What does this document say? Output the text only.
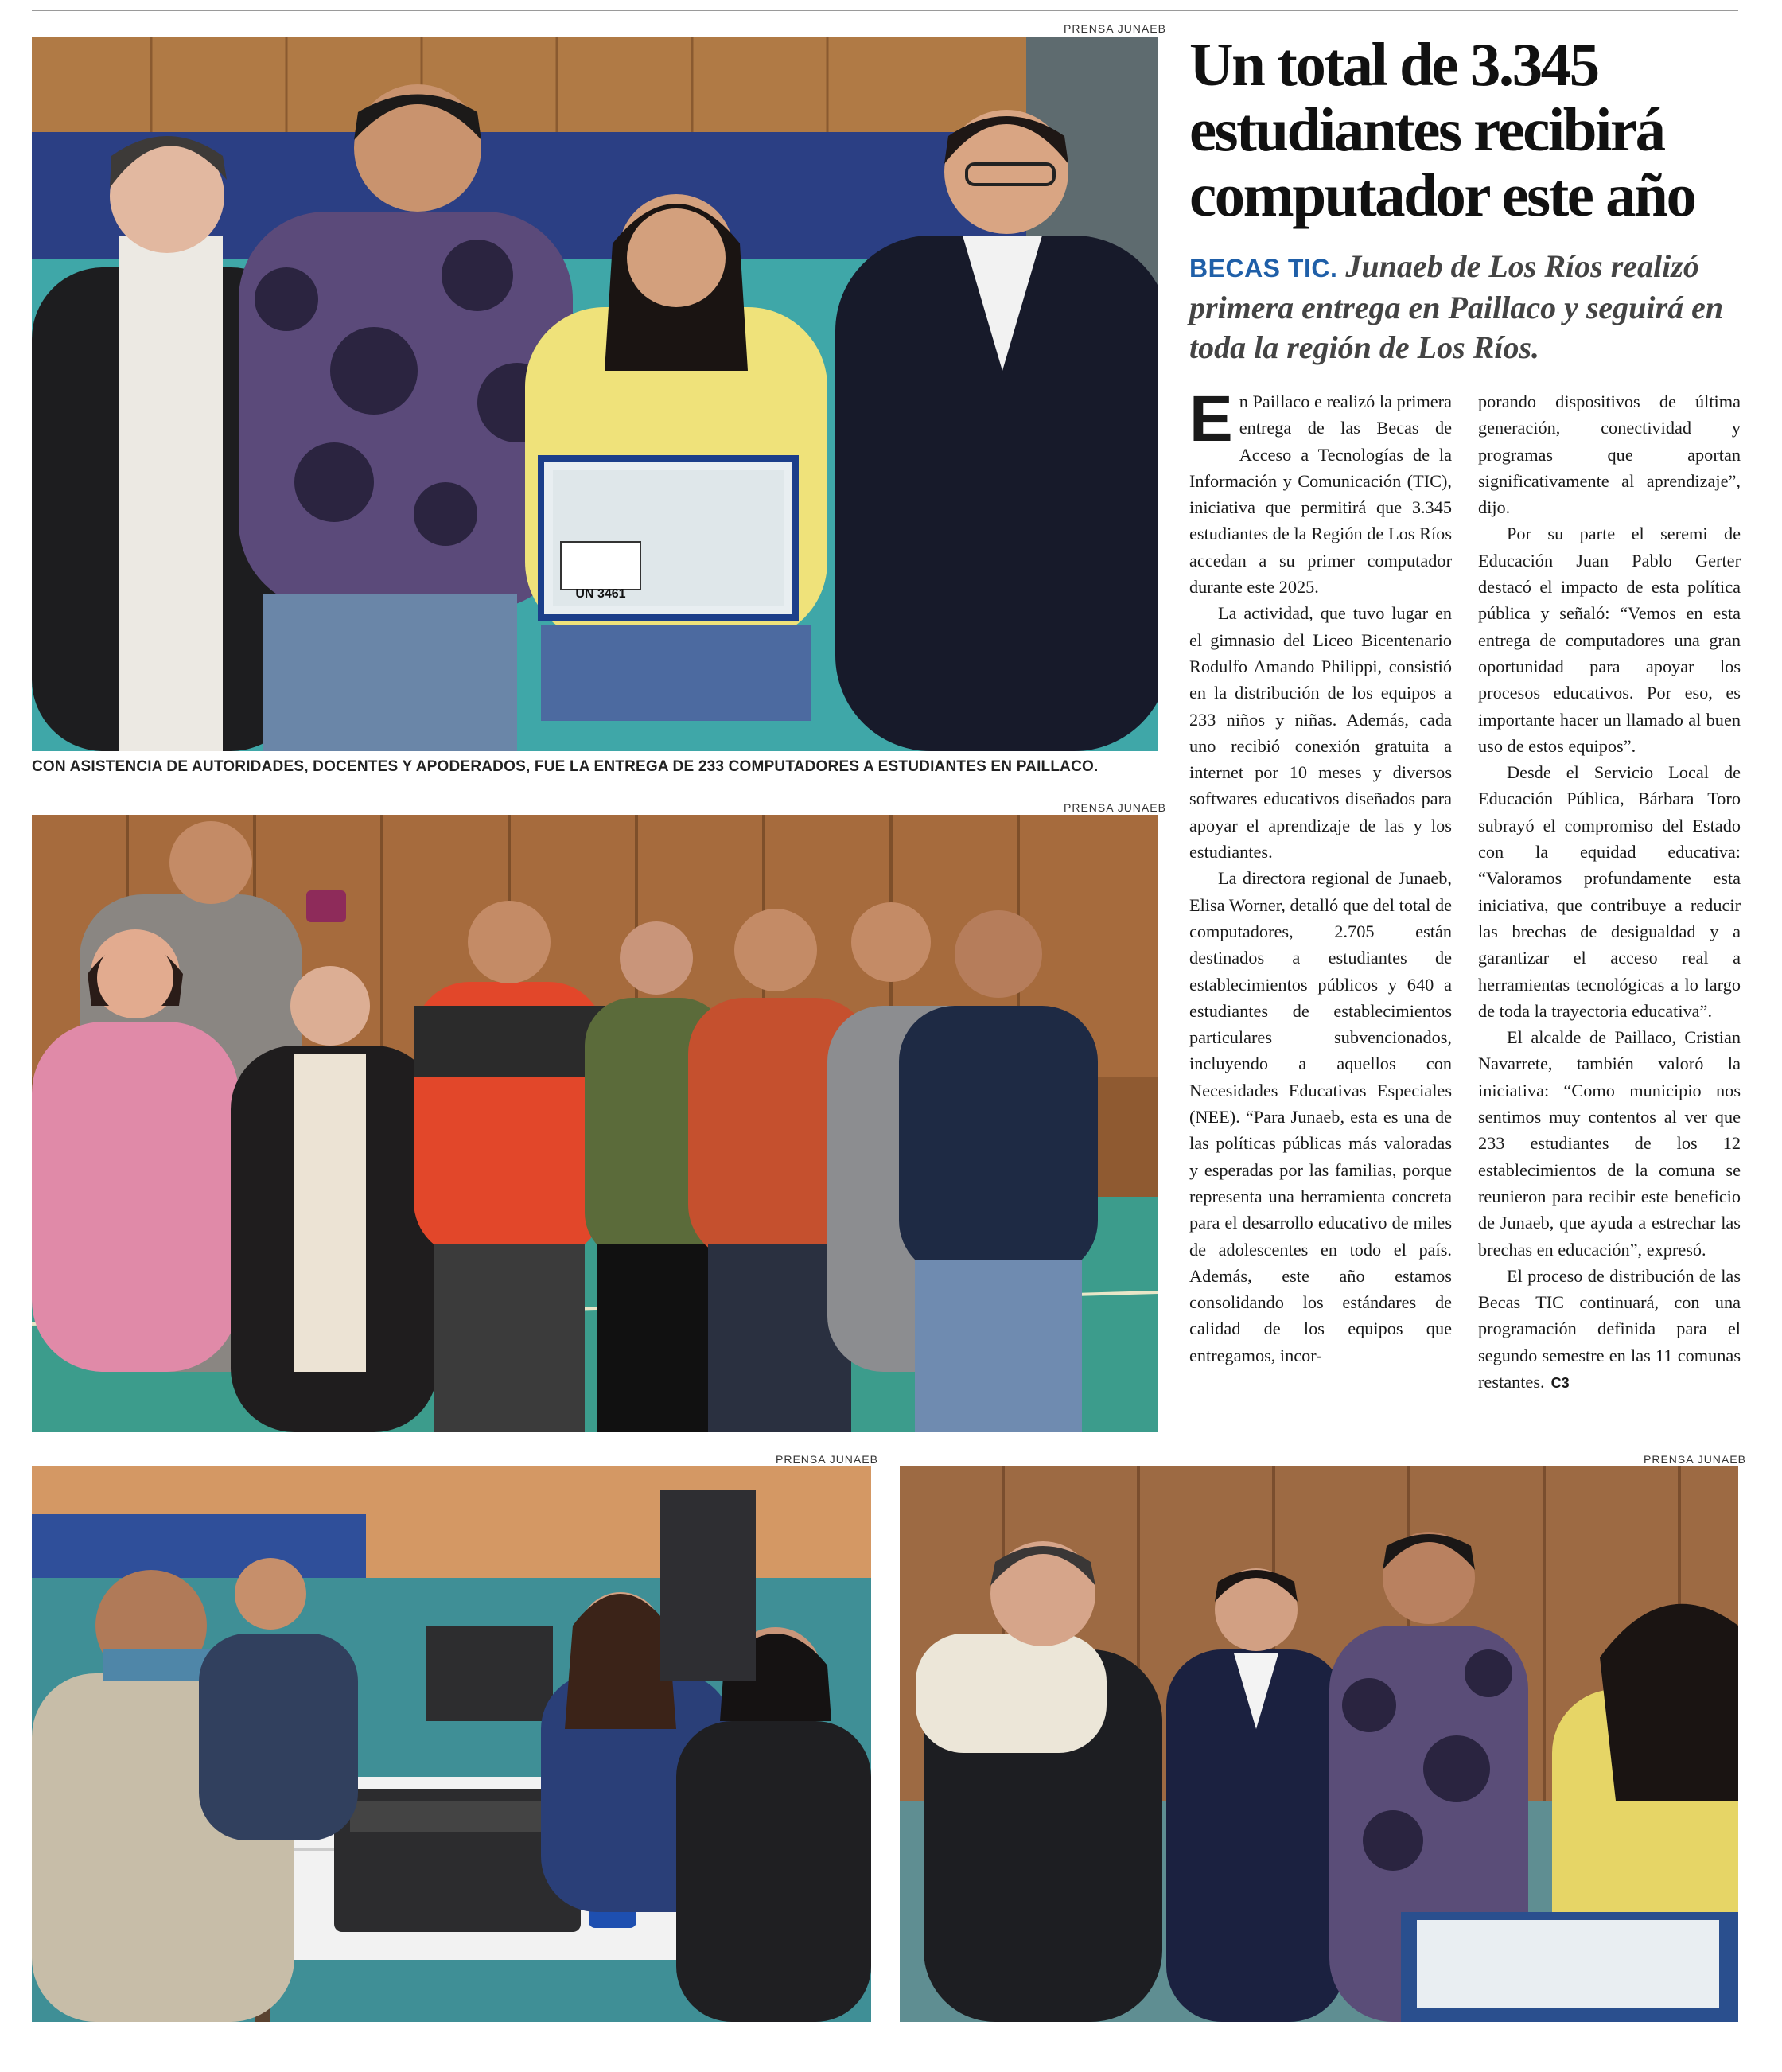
PRENSA JUNAEB
UN 3461
CON ASISTENCIA DE AUTORIDADES, DOCENTES Y APODERADOS, FUE LA ENTREGA DE 233 COMPUTADORES A ESTUDIANTES EN PAILLACO.
PRENSA JUNAEB
Un total de 3.345 estudiantes recibirá computador este año

BECAS TIC. Junaeb de Los Ríos realizó primera entrega en Paillaco y seguirá en toda la región de Los Ríos.

En Paillaco e realizó la primera entrega de las Becas de Acceso a Tecnologías de la Información y Comunicación (TIC), iniciativa que permitirá que 3.345 estudiantes de la Región de Los Ríos accedan a su primer computador durante este 2025.

La actividad, que tuvo lugar en el gimnasio del Liceo Bicentenario Rodulfo Amando Philippi, consistió en la distribución de los equipos a 233 niños y niñas. Además, cada uno recibió conexión gratuita a internet por 10 meses y diversos softwares educativos diseñados para apoyar el aprendizaje de las y los estudiantes.

La directora regional de Junaeb, Elisa Worner, detalló que del total de computadores, 2.705 están destinados a estudiantes de establecimientos públicos y 640 a estudiantes de establecimientos particulares subvencionados, incluyendo a aquellos con Necesidades Educativas Especiales (NEE). “Para Junaeb, esta es una de las políticas públicas más valoradas y esperadas por las familias, porque representa una herramienta concreta para el desarrollo educativo de miles de adolescentes en todo el país. Además, este año estamos consolidando los estándares de calidad de los equipos que entregamos, incor-

porando dispositivos de última generación, conectividad y programas que aportan significativamente al aprendizaje”, dijo.

Por su parte el seremi de Educación Juan Pablo Gerter destacó el impacto de esta política pública y señaló: “Vemos en esta entrega de computadores una gran oportunidad para apoyar los procesos educativos. Por eso, es importante hacer un llamado al buen uso de estos equipos”.

Desde el Servicio Local de Educación Pública, Bárbara Toro subrayó el compromiso del Estado con la equidad educativa: “Valoramos profundamente esta iniciativa, que contribuye a reducir las brechas de desigualdad y a garantizar el acceso real a herramientas tecnológicas a lo largo de toda la trayectoria educativa”.

El alcalde de Paillaco, Cristian Navarrete, también valoró la iniciativa: “Como municipio nos sentimos muy contentos al ver que 233 estudiantes de los 12 establecimientos de la comuna se reunieron para recibir este beneficio de Junaeb, que ayuda a estrechar las brechas en educación”, expresó.

El proceso de distribución de las Becas TIC continuará, con una programación definida para el segundo semestre en las 11 comunas restantes. C3

PRENSA JUNAEB	PRENSA JUNAEB
